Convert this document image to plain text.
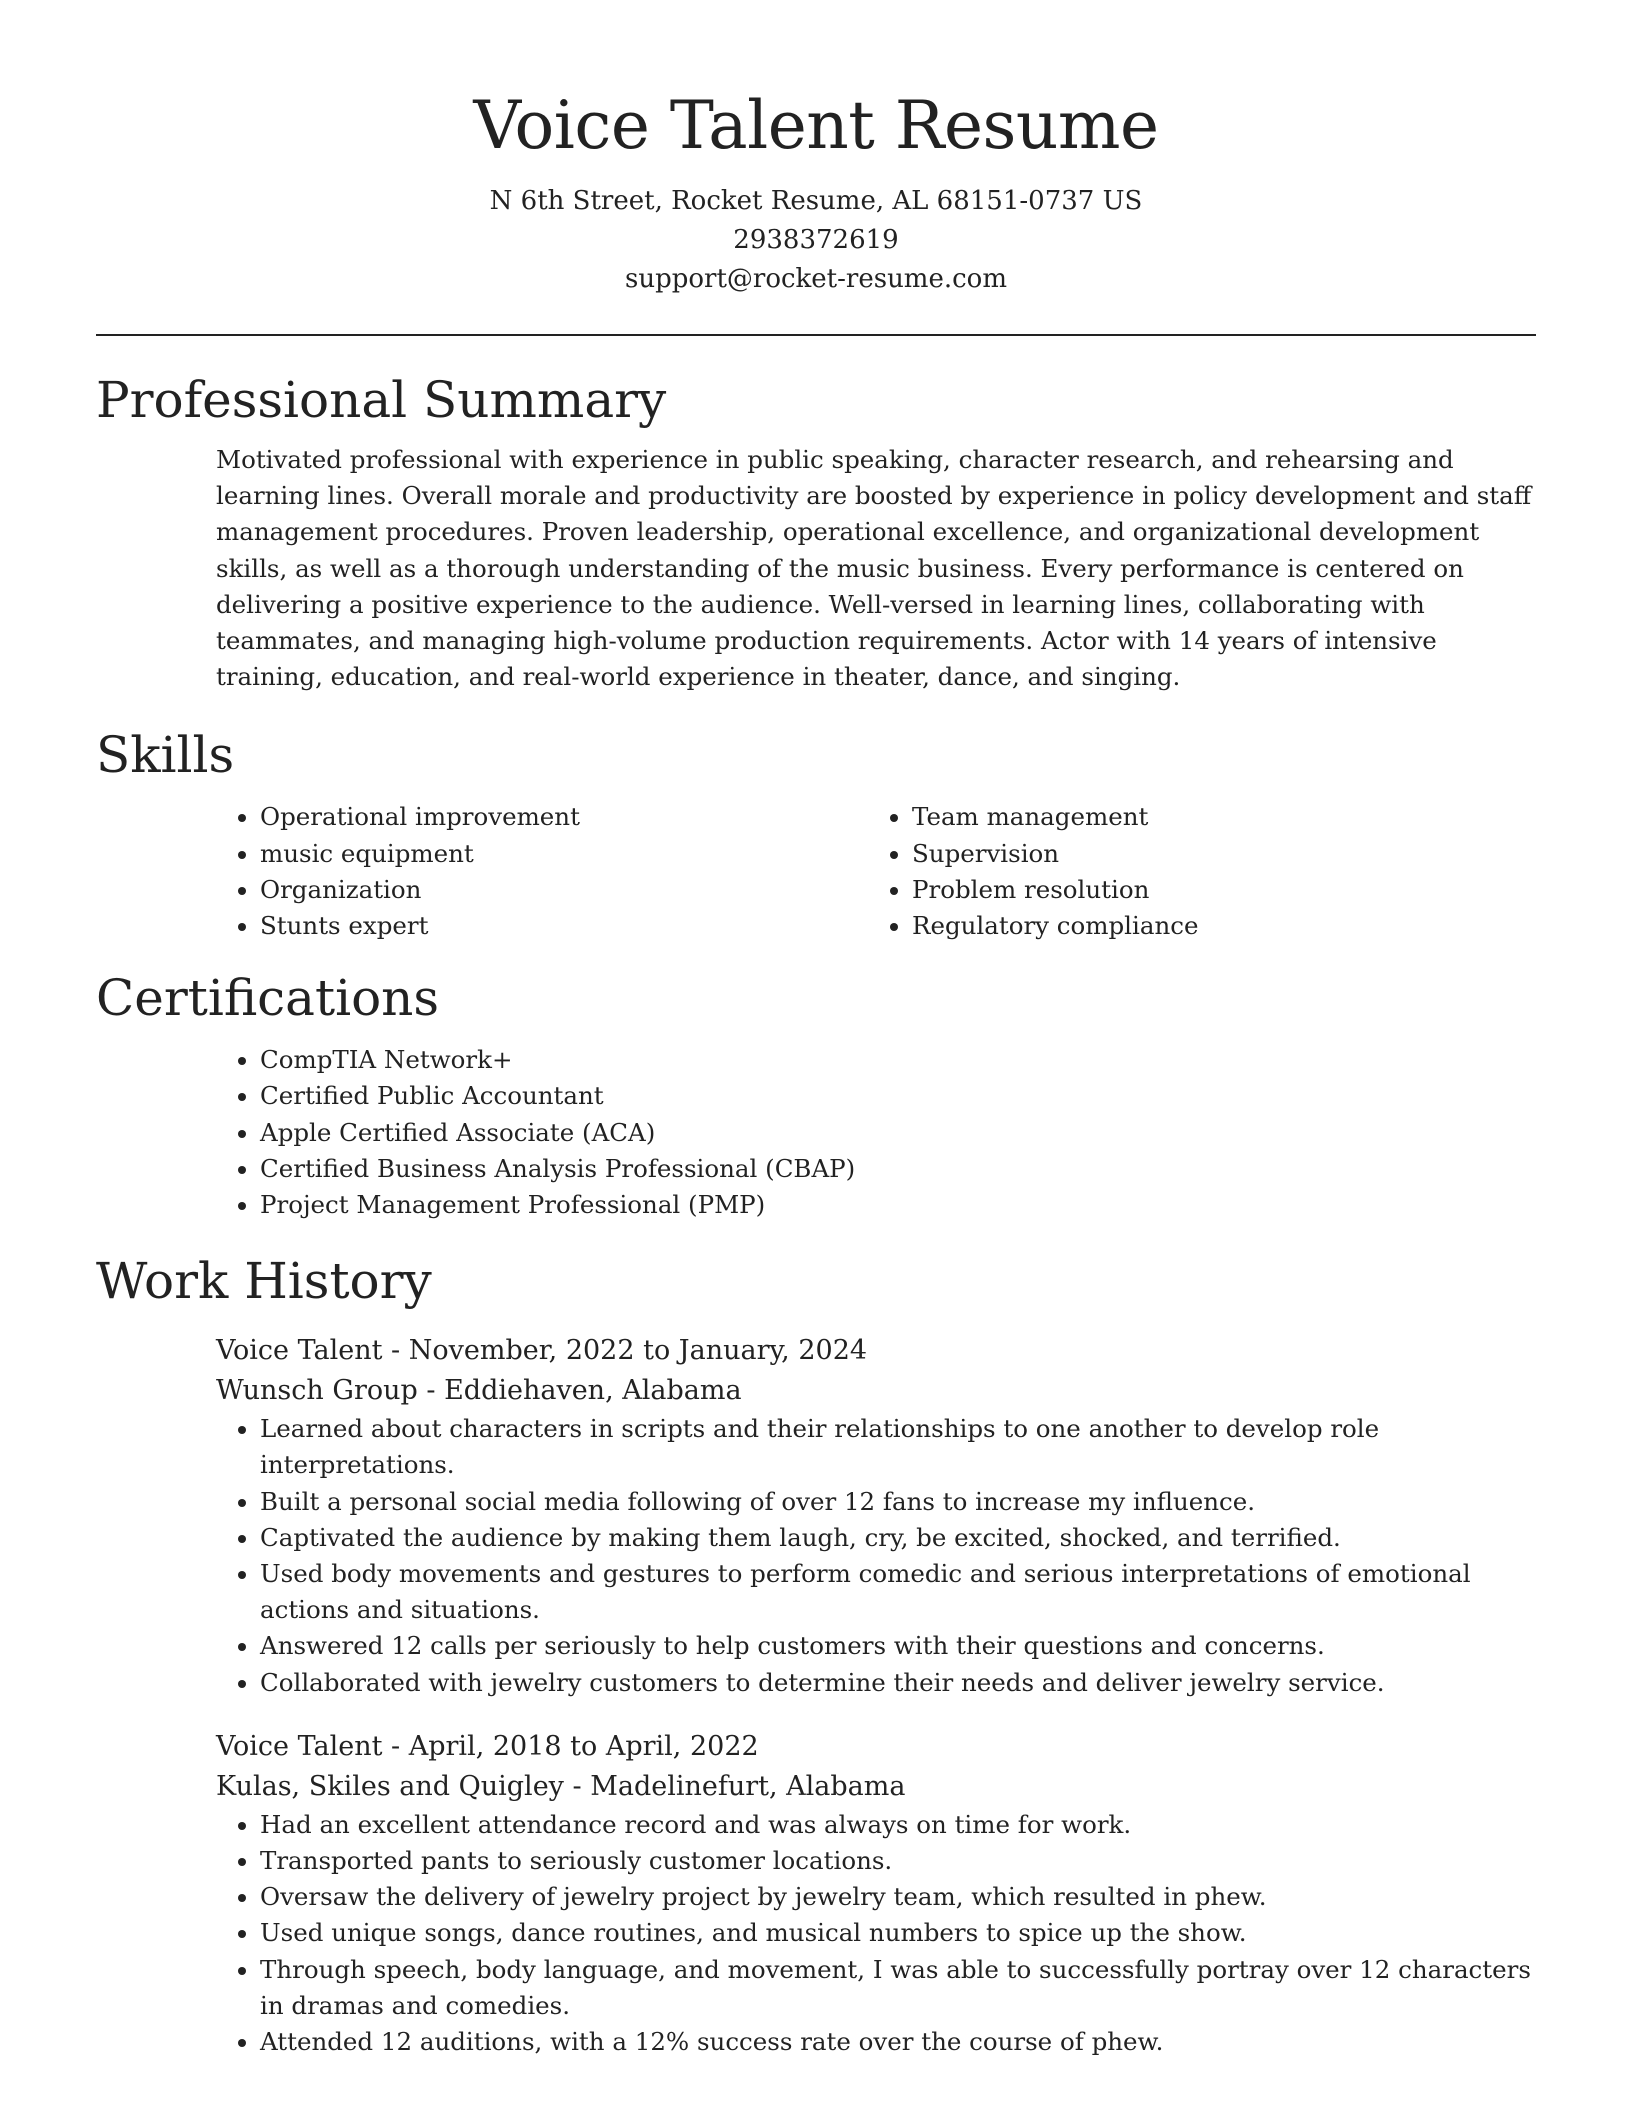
Voice Talent Resume

N 6th Street, Rocket Resume, AL 68151-0737 US

2938372619

support@rocket-resume.com

Professional Summary
Motivated professional with experience in public speaking, character research, and rehearsing and learning lines. Overall morale and productivity are boosted by experience in policy development and staff management procedures. Proven leadership, operational excellence, and organizational development skills, as well as a thorough understanding of the music business. Every performance is centered on delivering a positive experience to the audience. Well-versed in learning lines, collaborating with teammates, and managing high-volume production requirements. Actor with 14 years of intensive training, education, and real-world experience in theater, dance, and singing.
Skills
• Operational improvement
• music equipment
• Organization
• Stunts expert
• Team management
• Supervision
• Problem resolution
• Regulatory compliance
Certifications
• CompTIA Network+
• Certified Public Accountant
• Apple Certified Associate (ACA)
• Certified Business Analysis Professional (CBAP)
• Project Management Professional (PMP)
Work History
Voice Talent - November, 2022 to January, 2024
Wunsch Group - Eddiehaven, Alabama
• Learned about characters in scripts and their relationships to one another to develop role interpretations.
• Built a personal social media following of over 12 fans to increase my influence.
• Captivated the audience by making them laugh, cry, be excited, shocked, and terrified.
• Used body movements and gestures to perform comedic and serious interpretations of emotional actions and situations.
• Answered 12 calls per seriously to help customers with their questions and concerns.
• Collaborated with jewelry customers to determine their needs and deliver jewelry service.
Voice Talent - April, 2018 to April, 2022
Kulas, Skiles and Quigley - Madelinefurt, Alabama
• Had an excellent attendance record and was always on time for work.
• Transported pants to seriously customer locations.
• Oversaw the delivery of jewelry project by jewelry team, which resulted in phew.
• Used unique songs, dance routines, and musical numbers to spice up the show.
• Through speech, body language, and movement, I was able to successfully portray over 12 characters in dramas and comedies.
• Attended 12 auditions, with a 12% success rate over the course of phew.
